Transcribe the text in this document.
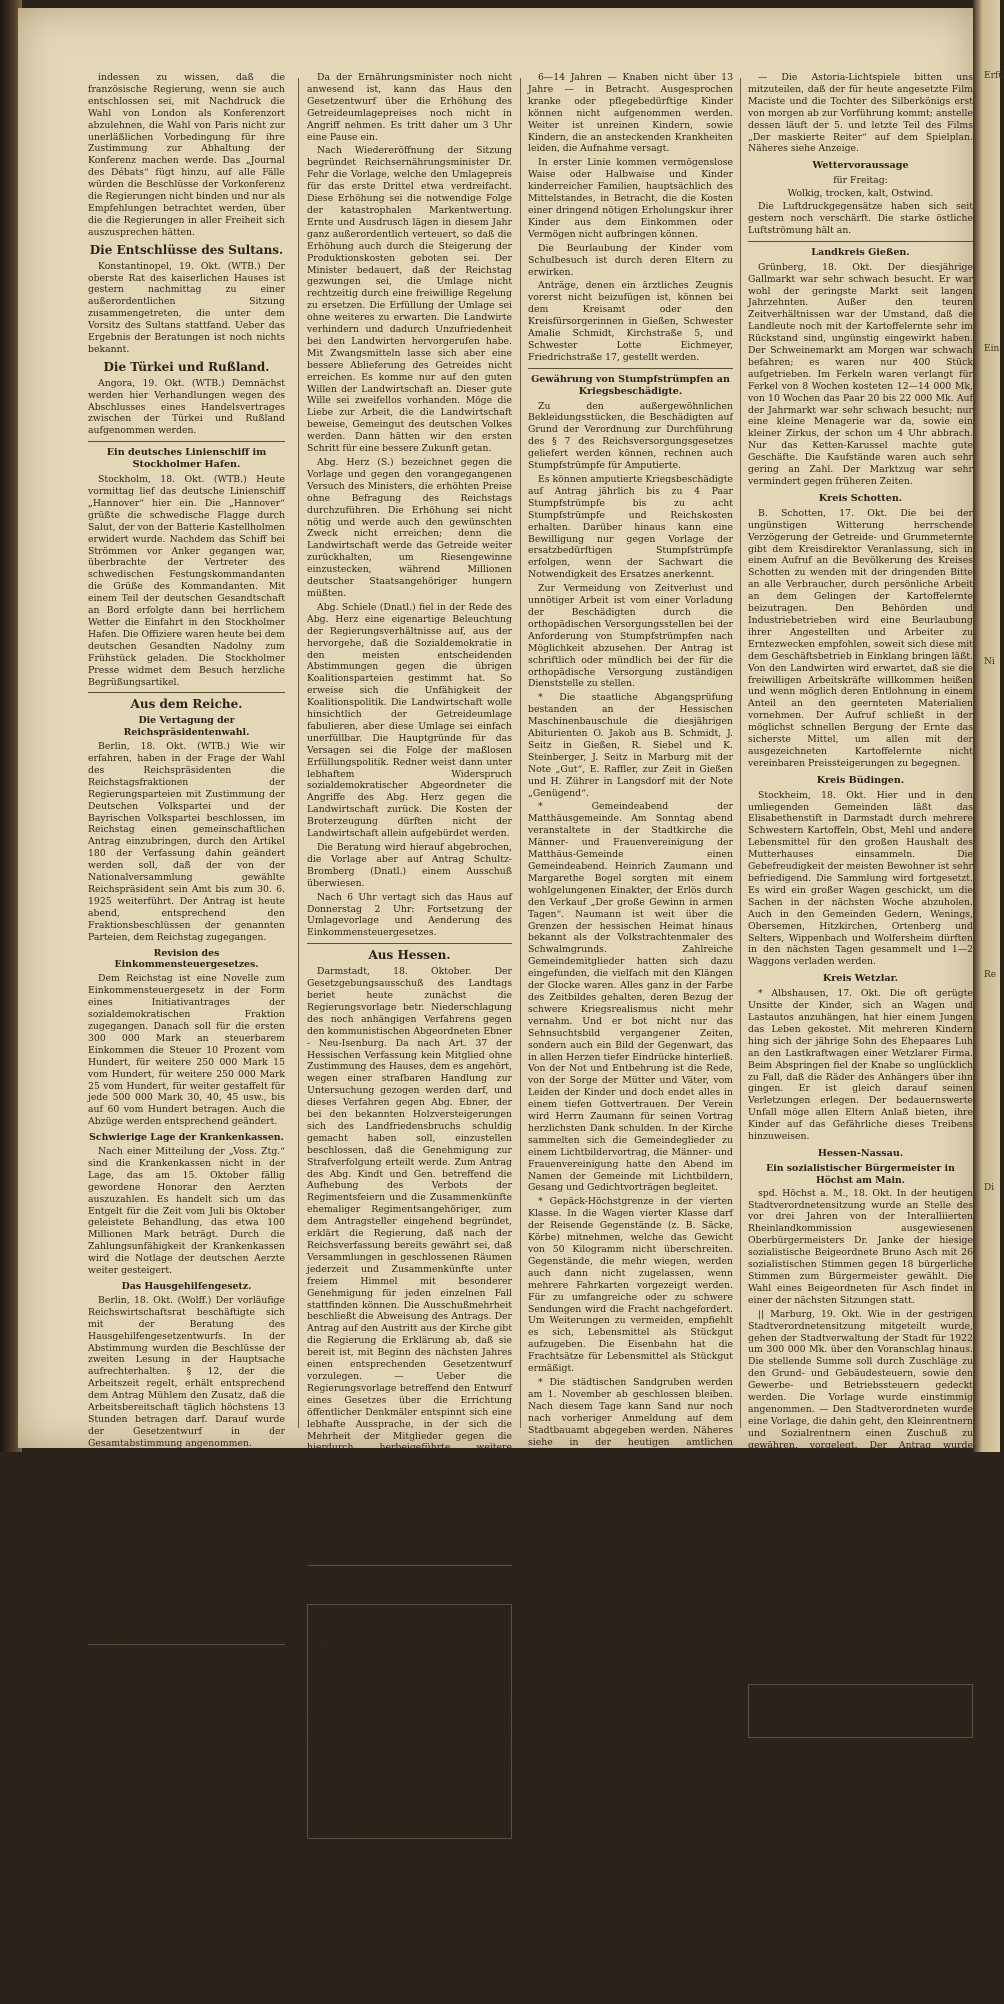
indessen zu wissen, daß die französische Regierung, wenn sie auch entschlossen sei, mit Nachdruck die Wahl von London als Konferenzort abzulehnen, die Wahl von Paris nicht zur unerläßlichen Vorbedingung für ihre Zustimmung zur Abhaltung der Konferenz machen werde. Das „Journal des Débats“ fügt hinzu, auf alle Fälle würden die Beschlüsse der Vorkonferenz die Regierungen nicht binden und nur als Empfehlungen betrachtet werden, über die die Regierungen in aller Freiheit sich auszusprechen hätten.

Die Entschlüsse des Sultans.

Konstantinopel, 19. Okt. (WTB.) Der oberste Rat des kaiserlichen Hauses ist gestern nachmittag zu einer außerordentlichen Sitzung zusammengetreten, die unter dem Vorsitz des Sultans stattfand. Ueber das Ergebnis der Beratungen ist noch nichts bekannt.

Die Türkei und Rußland.

Angora, 19. Okt. (WTB.) Demnächst werden hier Verhandlungen wegen des Abschlusses eines Handelsvertrages zwischen der Türkei und Rußland aufgenommen werden.

Ein deutsches Linienschiff im Stockholmer Hafen.

Stockholm, 18. Okt. (WTB.) Heute vormittag lief das deutsche Linienschiff „Hannover“ hier ein. Die „Hannover“ grüßte die schwedische Flagge durch Salut, der von der Batterie Kastellholmen erwidert wurde. Nachdem das Schiff bei Strömmen vor Anker gegangen war, überbrachte der Vertreter des schwedischen Festungskommandanten die Grüße des Kommandanten. Mit einem Teil der deutschen Gesandtschaft an Bord erfolgte dann bei herrlichem Wetter die Einfahrt in den Stockholmer Hafen. Die Offiziere waren heute bei dem deutschen Gesandten Nadolny zum Frühstück geladen. Die Stockholmer Presse widmet dem Besuch herzliche Begrüßungsartikel.

Aus dem Reiche.
Die Vertagung der Reichspräsidentenwahl.

Berlin, 18. Okt. (WTB.) Wie wir erfahren, haben in der Frage der Wahl des Reichspräsidenten die Reichstagsfraktionen der Regierungsparteien mit Zustimmung der Deutschen Volkspartei und der Bayrischen Volkspartei beschlossen, im Reichstag einen gemeinschaftlichen Antrag einzubringen, durch den Artikel 180 der Verfassung dahin geändert werden soll, daß der von der Nationalversammlung gewählte Reichspräsident sein Amt bis zum 30. 6. 1925 weiterführt. Der Antrag ist heute abend, entsprechend den Fraktionsbeschlüssen der genannten Parteien, dem Reichstag zugegangen.

Revision des Einkommensteuergesetzes.

Dem Reichstag ist eine Novelle zum Einkommensteuergesetz in der Form eines Initiativantrages der sozialdemokratischen Fraktion zugegangen. Danach soll für die ersten 300 000 Mark an steuerbarem Einkommen die Steuer 10 Prozent vom Hundert, für weitere 250 000 Mark 15 vom Hundert, für weitere 250 000 Mark 25 vom Hundert, für weiter gestaffelt für jede 500 000 Mark 30, 40, 45 usw., bis auf 60 vom Hundert betragen. Auch die Abzüge werden entsprechend geändert.

Schwierige Lage der Krankenkassen.

Nach einer Mitteilung der „Voss. Ztg.“ sind die Krankenkassen nicht in der Lage, das am 15. Oktober fällig gewordene Honorar den Aerzten auszuzahlen. Es handelt sich um das Entgelt für die Zeit vom Juli bis Oktober geleistete Behandlung, das etwa 100 Millionen Mark beträgt. Durch die Zahlungsunfähigkeit der Krankenkassen wird die Notlage der deutschen Aerzte weiter gesteigert.

Das Hausgehilfengesetz.

Berlin, 18. Okt. (Wolff.) Der vorläufige Reichswirtschaftsrat beschäftigte sich mit der Beratung des Hausgehilfengesetzentwurfs. In der Abstimmung wurden die Beschlüsse der zweiten Lesung in der Hauptsache aufrechterhalten. § 12, der die Arbeitszeit regelt, erhält entsprechend dem Antrag Mühlem den Zusatz, daß die Arbeitsbereitschaft täglich höchstens 13 Stunden betragen darf. Darauf wurde der Gesetzentwurf in der Gesamtabstimmung angenommen.

Der Verfassungstag.

Das preußische Staatsministerium wird, den Blättern zufolge, im Reichsrat für die Einsetzung des 11. August als Nationalfeiertag eintreten und sich dafür einsetzen, daß an diesem Tage Gelegenheit an den Reichsfarben geflaggt werde.

Die Anzeigensteuer.

Von deutschnationaler Seite ist im Reichstag ein Antrag eingebracht worden, durch eine Novelle zum Umsatzsteuergesetz die Anzeigensteuer für Zeitungen und Zeitschriften aufzuheben.

Deutscher Reichstag.

258. Sitzung, 2 Uhr.

Berlin, 18. Okt.

Minister Köster erklärte die Bereitwilligkeit der Regierung, die Interpellation über die Krawalle am Zirkus Busch und die Art der deutschen Wissenschaft unverzüglich zu beantworten.

Zur Beratung gelangt sodann der Gesetzentwurf, welcher der Notstandsgrenze das pfändungsfreie Jahreseinkommen auf 300 000 Mark erhöhen will.

Abg. Malzahn (Komm.) fordert die Erhöhung der Grenze auf 240 000 Mark.

Nachdem Reichsjustizminister Radbruch sich gegen eine Erhöhung der Pfändungsgrenze für Beamte noch für diese Tagung in Aussicht gestellt hat, wird der Gesetzentwurf dem Rechtsausschuß überwiesen.

Die Vorlage über Aenderung des Besoldungsgesetzes für die Nachtragshaushalte für 1922 geht an den Haushaltsausschuß.

Da der Ernährungsminister noch nicht anwesend ist, kann das Haus den Gesetzentwurf über die Erhöhung des Getreideumlagepreises noch nicht in Angriff nehmen. Es tritt daher um 3 Uhr eine Pause ein.

Nach Wiedereröffnung der Sitzung begründet Reichsernährungsminister Dr. Fehr die Vorlage, welche den Umlagepreis für das erste Drittel etwa verdreifacht. Diese Erhöhung sei die notwendige Folge der katastrophalen Markentwertung. Ernte und Ausdrusch lägen in diesem Jahr ganz außerordentlich verteuert, so daß die Erhöhung auch durch die Steigerung der Produktionskosten geboten sei. Der Minister bedauert, daß der Reichstag gezwungen sei, die Umlage nicht rechtzeitig durch eine freiwillige Regelung zu ersetzen. Die Erfüllung der Umlage sei ohne weiteres zu erwarten. Die Landwirte verhindern und dadurch Unzufriedenheit bei den Landwirten hervorgerufen habe. Mit Zwangsmitteln lasse sich aber eine bessere Ablieferung des Getreides nicht erreichen. Es komme nur auf den guten Willen der Landwirtschaft an. Dieser gute Wille sei zweifellos vorhanden. Möge die Liebe zur Arbeit, die die Landwirtschaft beweise, Gemeingut des deutschen Volkes werden. Dann hätten wir den ersten Schritt für eine bessere Zukunft getan.

Abg. Herz (S.) bezeichnet gegen die Vorlage und gegen den vorangegangenen Versuch des Ministers, die erhöhten Preise ohne Befragung des Reichstags durchzuführen. Die Erhöhung sei nicht nötig und werde auch den gewünschten Zweck nicht erreichen; denn die Landwirtschaft werde das Getreide weiter zurückhalten, um Riesengewinne einzustecken, während Millionen deutscher Staatsangehöriger hungern müßten.

Abg. Schiele (Dnatl.) fiel in der Rede des Abg. Herz eine eigenartige Beleuchtung der Regierungsverhältnisse auf, aus der hervorgehe, daß die Sozialdemokratie in den meisten entscheidenden Abstimmungen gegen die übrigen Koalitionsparteien gestimmt hat. So erweise sich die Unfähigkeit der Koalitionspolitik. Die Landwirtschaft wolle hinsichtlich der Getreideumlage fabulieren, aber diese Umlage sei einfach unerfüllbar. Die Hauptgründe für das Versagen sei die Folge der maßlosen Erfüllungspolitik. Redner weist dann unter lebhaftem Widerspruch sozialdemokratischer Abgeordneter die Angriffe des Abg. Herz gegen die Landwirtschaft zurück. Die Kosten der Broterzeugung dürften nicht der Landwirtschaft allein aufgebürdet werden.

Die Beratung wird hierauf abgebrochen, die Vorlage aber auf Antrag Schultz-Bromberg (Dnatl.) einem Ausschuß überwiesen.

Nach 6 Uhr vertagt sich das Haus auf Donnerstag 2 Uhr: Fortsetzung der Umlagevorlage und Aenderung des Einkommensteuergesetzes.

Aus Hessen.

Darmstadt, 18. Oktober. Der Gesetzgebungsausschuß des Landtags beriet heute zunächst die Regierungsvorlage betr. Niederschlagung des noch anhängigen Verfahrens gegen den kommunistischen Abgeordneten Ebner - Neu-Isenburg. Da nach Art. 37 der Hessischen Verfassung kein Mitglied ohne Zustimmung des Hauses, dem es angehört, wegen einer strafbaren Handlung zur Untersuchung gezogen werden darf, und dieses Verfahren gegen Abg. Ebner, der bei den bekannten Holzversteigerungen sich des Landfriedensbruchs schuldig gemacht haben soll, einzustellen beschlossen, daß die Genehmigung zur Strafverfolgung erteilt werde. Zum Antrag des Abg. Kindt und Gen. betreffend die Aufhebung des Verbots der Regimentsfeiern und die Zusammenkünfte ehemaliger Regimentsangehöriger, zum dem Antragsteller eingehend begründet, erklärt die Regierung, daß nach der Reichsverfassung bereits gewährt sei, daß Versammlungen in geschlossenen Räumen jederzeit und Zusammenkünfte unter freiem Himmel mit besonderer Genehmigung für jeden einzelnen Fall stattfinden können. Die Ausschußmehrheit beschließt die Abweisung des Antrags. Der Antrag auf den Austritt aus der Kirche gibt die Regierung die Erklärung ab, daß sie bereit ist, mit Beginn des nächsten Jahres einen entsprechenden Gesetzentwurf vorzulegen. — Ueber die Regierungsvorlage betreffend den Entwurf eines Gesetzes über die Errichtung öffentlicher Denkmäler entspinnt sich eine lebhafte Aussprache, in der sich die Mehrheit der Mitglieder gegen die hierdurch herbeigeführte weitere Bevormundung der Gemeinden aussprach. Der Entwurf wird dann zurückgestellt, bis die Regierung aufgrund der Erfahrungen bei der Durchführung der Abänderung der Gebührenordnung der Notare nach vorgelegt, so daß die Regierung erklärt, daß sie eine der heutigen Geldentwertung entsprechende Vorlage demnächst dem Hause zugehen läßt.

Aus Stadt und Land.

Gießen, den 19. Oktober 1922.

Unserer Anzeigenkundschaft zur gefl. Beachtung.

Infolge der schwierigen Verhältnisse im Zeitungsgewerbe muß der Annahmeschluß für Anzeigen pünktlich eingehalten werden. Die Anzeigenannahme von Anzeigen findet bis zum Abend vor dem Aufnahmetag statt; Anzeigen für die Samstagsnummer müssen spätestens bis Freitag mittag aufgegeben sein.

Geschäftszeit

von 8—12½ Uhr und von 2—5½ Uhr.

Verlag des Gießener Anzeigers.

Kostenlose Erholungskuren für Kinder.

Durch Spenden amerikanischer Frauen und Männer deutscher Abstammung in der Stadt Newark ist der Landesverficherungsanstalt möglich, im laufenden Jahre schwächlichen Kindern einen sechswöchigen Erholungsaufenthalt in dem Kinderheim Newark Eiselsdorf zu ermöglichen.

Diese Kuren sollen auch künftig weitergeführt werden. Es kommen nur erholungsbedürftige Kinder im Alter von

6—14 Jahren — Knaben nicht über 13 Jahre — in Betracht. Ausgesprochen kranke oder pflegebedürftige Kinder können nicht aufgenommen werden. Weiter ist unreinen Kindern, sowie Kindern, die an ansteckenden Krankheiten leiden, die Aufnahme versagt.

In erster Linie kommen vermögenslose Waise oder Halbwaise und Kinder kinderreicher Familien, hauptsächlich des Mittelstandes, in Betracht, die die Kosten einer dringend nötigen Erholungskur ihrer Kinder aus dem Einkommen oder Vermögen nicht aufbringen können.

Die Beurlaubung der Kinder vom Schulbesuch ist durch deren Eltern zu erwirken.

Anträge, denen ein ärztliches Zeugnis vorerst nicht beizufügen ist, können bei dem Kreisamt oder den Kreisfürsorgerinnen in Gießen, Schwester Amalie Schmidt, Kirchstraße 5, und Schwester Lotte Eichmeyer, Friedrichstraße 17, gestellt werden.

Gewährung von Stumpfstrümpfen an Kriegsbeschädigte.

Zu den außergewöhnlichen Bekleidungsstücken, die Beschädigten auf Grund der Verordnung zur Durchführung des § 7 des Reichsversorgungsgesetzes geliefert werden können, rechnen auch Stumpfstrümpfe für Amputierte.

Es können amputierte Kriegsbeschädigte auf Antrag jährlich bis zu 4 Paar Stumpfstrümpfe bis zu acht Stumpfstrümpfe und Reichskosten erhalten. Darüber hinaus kann eine Bewilligung nur gegen Vorlage der ersatzbedürftigen Stumpfstrümpfe erfolgen, wenn der Sachwart die Notwendigkeit des Ersatzes anerkennt.

Zur Vermeidung von Zeitverlust und unnötiger Arbeit ist vom einer Vorladung der Beschädigten durch die orthopädischen Versorgungsstellen bei der Anforderung von Stumpfstrümpfen nach Möglichkeit abzusehen. Der Antrag ist schriftlich oder mündlich bei der für die orthopädische Versorgung zuständigen Dienststelle zu stellen.

* Die staatliche Abgangsprüfung bestanden an der Hessischen Maschinenbauschule die diesjährigen Abiturienten O. Jakob aus B. Schmidt, J. Seitz in Gießen, R. Siebel und K. Steinberger, J. Seitz in Marburg mit der Note „Gut“, E. Raffler, zur Zeit in Gießen und H. Zührer in Langsdorf mit der Note „Genügend“.

* Gemeindeabend der Matthäusgemeinde. Am Sonntag abend veranstaltete in der Stadtkirche die Männer- und Frauenvereinigung der Matthäus-Gemeinde einen Gemeindeabend. Heinrich Zaumann und Margarethe Bogel sorgten mit einem wohlgelungenen Einakter, der Erlös durch den Verkauf „Der große Gewinn in armen Tagen“. Naumann ist weit über die Grenzen der hessischen Heimat hinaus bekannt als der Volkstrachtenmaler des Schwalmgrunds. Zahlreiche Gemeindemitglieder hatten sich dazu eingefunden, die vielfach mit den Klängen der Glocke waren. Alles ganz in der Farbe des Zeitbildes gehalten, deren Bezug der schwere Kriegsrealismus nicht mehr vernahm. Und er bot nicht nur das Sehnsuchtsbild vergangener Zeiten, sondern auch ein Bild der Gegenwart, das in allen Herzen tiefer Eindrücke hinterließ. Von der Not und Entbehrung ist die Rede, von der Sorge der Mütter und Väter, vom Leiden der Kinder und doch endet alles in einem tiefen Gottvertrauen. Der Verein wird Herrn Zaumann für seinen Vortrag herzlichsten Dank schulden. In der Kirche sammelten sich die Gemeindeglieder zu einem Lichtbildervortrag, die Männer- und Frauenvereinigung hatte den Abend im Namen der Gemeinde mit Lichtbildern, Gesang und Gedichtvorträgen begleitet.

* Gepäck-Höchstgrenze in der vierten Klasse. In die Wagen vierter Klasse darf der Reisende Gegenstände (z. B. Säcke, Körbe) mitnehmen, welche das Gewicht von 50 Kilogramm nicht überschreiten. Gegenstände, die mehr wiegen, werden auch dann nicht zugelassen, wenn mehrere Fahrkarten vorgezeigt werden. Für zu umfangreiche oder zu schwere Sendungen wird die Fracht nachgefordert. Um Weiterungen zu vermeiden, empfiehlt es sich, Lebensmittel als Stückgut aufzugeben. Die Eisenbahn hat die Frachtsätze für Lebensmittel als Stückgut ermäßigt.

* Die städtischen Sandgruben werden am 1. November ab geschlossen bleiben. Nach diesem Tage kann Sand nur noch nach vorheriger Anmeldung auf dem Stadtbauamt abgegeben werden. Näheres siehe in der heutigen amtlichen Bekanntmachung.

Vornotizen.

— Tageskalender für Donnerstag. Stadttheater, 7 Uhr: Gastspiel des Moskauer Balletts. — Kath. Vereinshaus, 8 Uhr: Hausbesitzerversammlung. — Astoria-Lichtspiele, ab heute: „Der maskierte Reiter“, 5. und letzter Teil, und „Fatty als Liftboy“ und „Schmücke Erbtante“. — Lichtspielhaus, Bahnhofstraße: Der Gauf von Monte Christo, 2. Teil: „Der Schatz von Monte Christo“. — Palast-Lichtspiele, ab heute: „Das Mädchen aus der Ackerstraße“ und „Das doppelte Knopploch“.

— Aus dem Stadttheaterbureau. Eduard Künneke, der als einer der bedeutendsten modernen Operettenkomponisten gelten darf, und von dem unsere Bühne schon wiederholt erfolgreiche Werke zur Aufführung brachte, hat ein „Wenn Liebe erwacht“ erinnert, — kommt am nächsten Sonntag mit seiner neuesten Schöpfung „Verliebte Leute“ zur Wiedergabe. Das Werk ist nach dem bekannten Lustspiel „Kompagnons“ von Heinz Orchert bearbeitet. Die Musik bietet eine Fülle prächtiger Lieder. Die Regie liegt in den Händen des Herrn Gollik, die Tanzarrangements sind von Frau Oldini einstudiert.

— Der Turnverein Gießen von 1846 hält am nächsten Sonntag in der Turnhalle (Ostanlage) einen Herbstschauturnen ab. Näheres ist aus dem Anzeigenteil ersichtlich.

— Die Astoria-Lichtspiele bitten uns mitzuteilen, daß der für heute angesetzte Film Maciste und die Tochter des Silberkönigs erst von morgen ab zur Vorführung kommt; anstelle dessen läuft der 5. und letzte Teil des Films „Der maskierte Reiter“ auf dem Spielplan. Näheres siehe Anzeige.

Wettervoraussage

für Freitag:

Wolkig, trocken, kalt, Ostwind.

Die Luftdruckgegensätze haben sich seit gestern noch verschärft. Die starke östliche Luftströmung hält an.

Landkreis Gießen.

Grünberg, 18. Okt. Der diesjährige Gallmarkt war sehr schwach besucht. Er war wohl der geringste Markt seit langen Jahrzehnten. Außer den teuren Zeitverhältnissen war der Umstand, daß die Landleute noch mit der Kartoffelernte sehr im Rückstand sind, ungünstig eingewirkt haben. Der Schweinemarkt am Morgen war schwach befahren; es waren nur 400 Stück aufgetrieben. Im Ferkeln waren verlangt für Ferkel von 8 Wochen kosteten 12—14 000 Mk, von 10 Wochen das Paar 20 bis 22 000 Mk. Auf der Jahrmarkt war sehr schwach besucht; nur eine kleine Menagerie war da, sowie ein kleiner Zirkus, der schon um 4 Uhr abbrach. Nur das Ketten-Karussel machte gute Geschäfte. Die Kaufstände waren auch sehr gering an Zahl. Der Marktzug war sehr vermindert gegen früheren Zeiten.

Kreis Schotten.

B. Schotten, 17. Okt. Die bei der ungünstigen Witterung herrschende Verzögerung der Getreide- und Grummeternte gibt dem Kreisdirektor Veranlassung, sich in einem Aufruf an die Bevölkerung des Kreises Schotten zu wenden mit der dringenden Bitte an alle Verbraucher, durch persönliche Arbeit an dem Gelingen der Kartoffelernte beizutragen. Den Behörden und Industriebetrieben wird eine Beurlaubung ihrer Angestellten und Arbeiter zu Erntezwecken empfohlen, soweit sich diese mit dem Geschäftsbetrieb in Einklang bringen läßt. Von den Landwirten wird erwartet, daß sie die freiwilligen Arbeitskräfte willkommen heißen und wenn möglich deren Entlohnung in einem Anteil an den geernteten Materialien vornehmen. Der Aufruf schließt in der möglichst schnellen Bergung der Ernte das sicherste Mittel, um allen mit der ausgezeichneten Kartoffelernte nicht vereinbaren Preissteigerungen zu begegnen.

Kreis Büdingen.

Stockheim, 18. Okt. Hier und in den umliegenden Gemeinden läßt das Elisabethenstift in Darmstadt durch mehrere Schwestern Kartoffeln, Obst, Mehl und andere Lebensmittel für den großen Haushalt des Mutterhauses einsammeln. Die Gebefreudigkeit der meisten Bewohner ist sehr befriedigend. Die Sammlung wird fortgesetzt. Es wird ein großer Wagen geschickt, um die Sachen in der nächsten Woche abzuholen. Auch in den Gemeinden Gedern, Wenings, Obersemen, Hitzkirchen, Ortenberg und Selters, Wippenbach und Wolfersheim dürften in den nächsten Tagen gesammelt und 1—2 Waggons verladen werden.

Kreis Wetzlar.

* Albshausen, 17. Okt. Die oft gerügte Unsitte der Kinder, sich an Wagen und Lastautos anzuhängen, hat hier einem Jungen das Leben gekostet. Mit mehreren Kindern hing sich der jährige Sohn des Ehepaares Luh an den Lastkraftwagen einer Wetzlarer Firma. Beim Abspringen fiel der Knabe so unglücklich zu Fall, daß die Räder des Anhängers über ihn gingen. Er ist gleich darauf seinen Verletzungen erlegen. Der bedauernswerte Unfall möge allen Eltern Anlaß bieten, ihre Kinder auf das Gefährliche dieses Treibens hinzuweisen.

Hessen-Nassau.

Ein sozialistischer Bürgermeister in Höchst am Main.

spd. Höchst a. M., 18. Okt. In der heutigen Stadtverordnetensitzung wurde an Stelle des vor drei Jahren von der Interalliierten Rheinlandkommission ausgewiesenen Oberbürgermeisters Dr. Janke der hiesige sozialistische Beigeordnete Bruno Asch mit 26 sozialistischen Stimmen gegen 18 bürgerliche Stimmen zum Bürgermeister gewählt. Die Wahl eines Beigeordneten für Asch findet in einer der nächsten Sitzungen statt.

|| Marburg, 19. Okt. Wie in der gestrigen Stadtverordnetensitzung mitgeteilt wurde, gehen der Stadtverwaltung der Stadt für 1922 um 300 000 Mk. über den Voranschlag hinaus. Die stellende Summe soll durch Zuschläge zu den Grund- und Gebäudesteuern, sowie den Gewerbe- und Betriebssteuern gedeckt werden. Die Vorlage wurde einstimmig angenommen. — Den Stadtverordneten wurde eine Vorlage, die dahin geht, den Kleinrentnern und Sozialrentnern einen Zuschuß zu gewähren, vorgelegt. Der Antrag wurde gleichfalls angenommen. Die Wohnungsbauabgabe von 50 auf 65 Proz. zu erhöhen. Von dem Ertrage sollen 15 Proz. zur Bildung eines Ausgleichsfonds auf Grund des Reichsmietengesetzes Verwendung finden.

xy. Frankfurt a. M., 18. Okt. Auf der Rückfahrt von Hanau verlor an einem Kraftwagen der Firma Hartmann & Braun die Steuerung. Das Auto rannte gegen einen Baum und zerschellte vollständig. Die beiden Insassen, wurden schwer verletzt und mußten dem hiesigen Krankenhaus zugeführt werden. — Nach zweijähriger Bauzeit wurde im Postamt Süd das zweite Frankfurter Fernsprechamt fertiggestellt. Es erhält den Namen „Spessart“ und wird am 22. Oktober dem Betrieb übergeben. Es bekommt zunächst 3000 Anschlußnummern von den Amtern „Hansa“ und „Römer“ zugestellt.

Heutiger Stand des Dollars

10 Uhr vormittags:

Berlin 3175, Frankfurt 3150—3200.

Erfü
Ein
Ni
Re
Di
